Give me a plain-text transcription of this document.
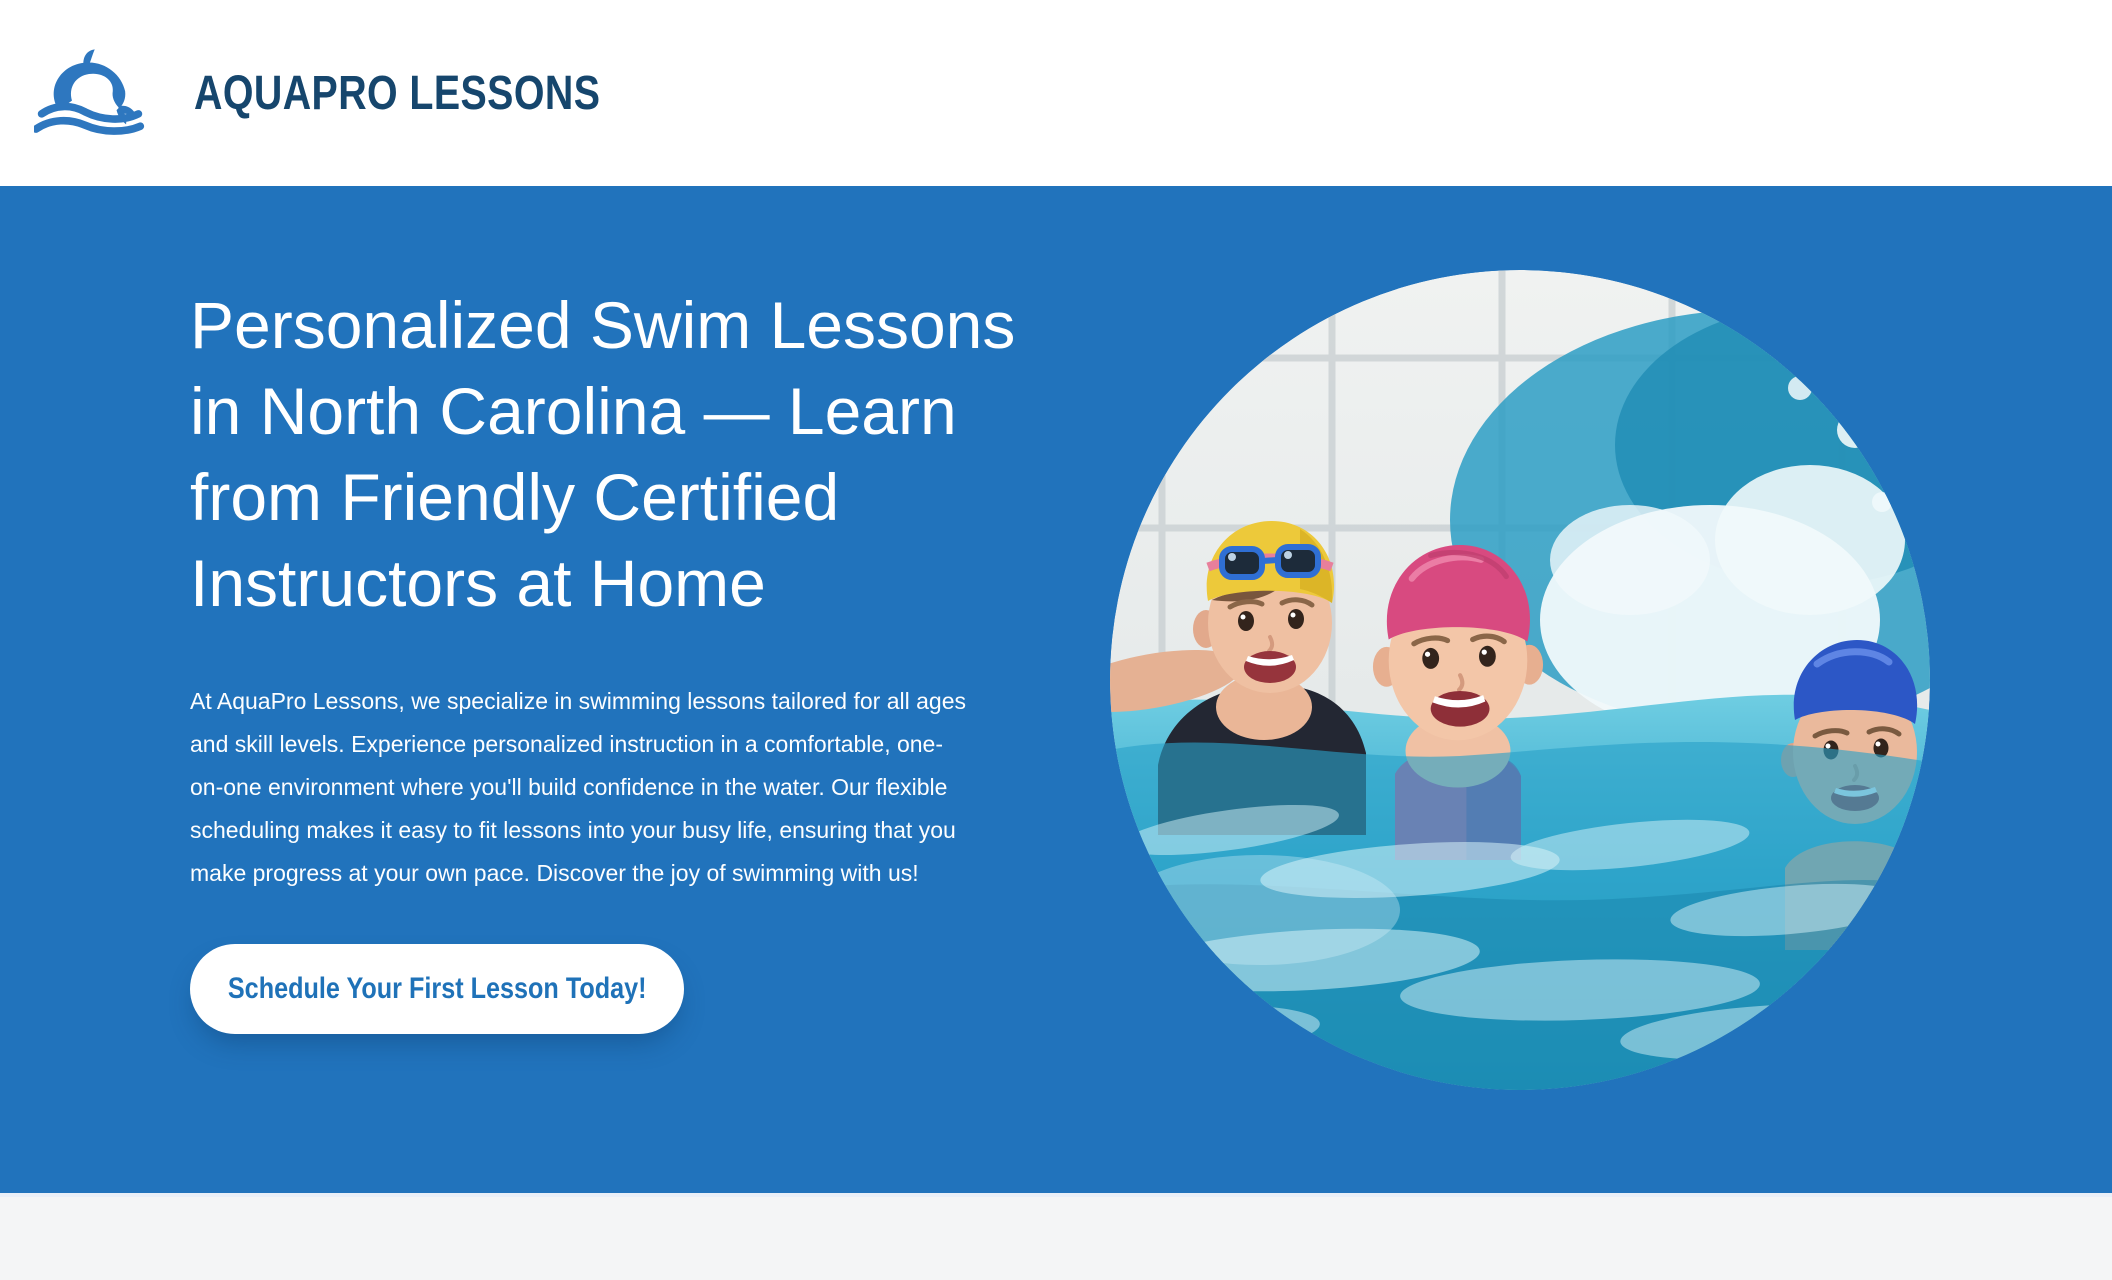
AQUAPRO LESSONS
Personalized Swim Lessons in North Carolina — Learn from Friendly Certified Instructors at Home

At AquaPro Lessons, we specialize in swimming lessons tailored for all ages and skill levels. Experience personalized instruction in a comfortable, one-on-one environment where you'll build confidence in the water. Our flexible scheduling makes it easy to fit lessons into your busy life, ensuring that you make progress at your own pace. Discover the joy of swimming with us!

Schedule Your First Lesson Today!
